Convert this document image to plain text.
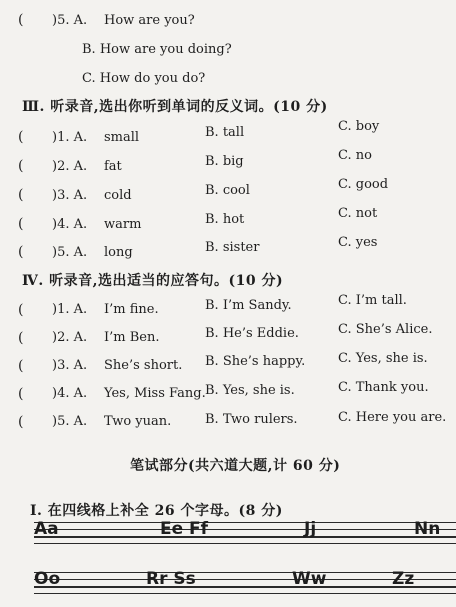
( )5. A. How are you?
B. How are you doing?
C. How do you do?
Ⅲ. 听录音,选出你听到单词的反义词。(10 分)
( )1. A. small	B. tall	C. boy
( )2. A. fat	B. big	C. no
( )3. A. cold	B. cool	C. good
( )4. A. warm	B. hot	C. not
( )5. A. long	B. sister	C. yes
Ⅳ. 听录音,选出适当的应答句。(10 分)
( )1. A. I’m fine.	B. I’m Sandy.	C. I’m tall.
( )2. A. I’m Ben.	B. He’s Eddie.	C. She’s Alice.
( )3. A. She’s short. B. She’s happy.	C. Yes, she is.
( )4. A. Yes, Miss Fang. B. Yes, she is.	C. Thank you.
( )5. A. Two yuan.	B. Two rulers.	C. Here you are.
笔试部分(共六道大题,计 60 分)
Ⅰ. 在四线格上补全 26 个字母。(8 分)
Aa	Ee Ff	Jj	Nn
Oo	Rr Ss	Ww	Zz
